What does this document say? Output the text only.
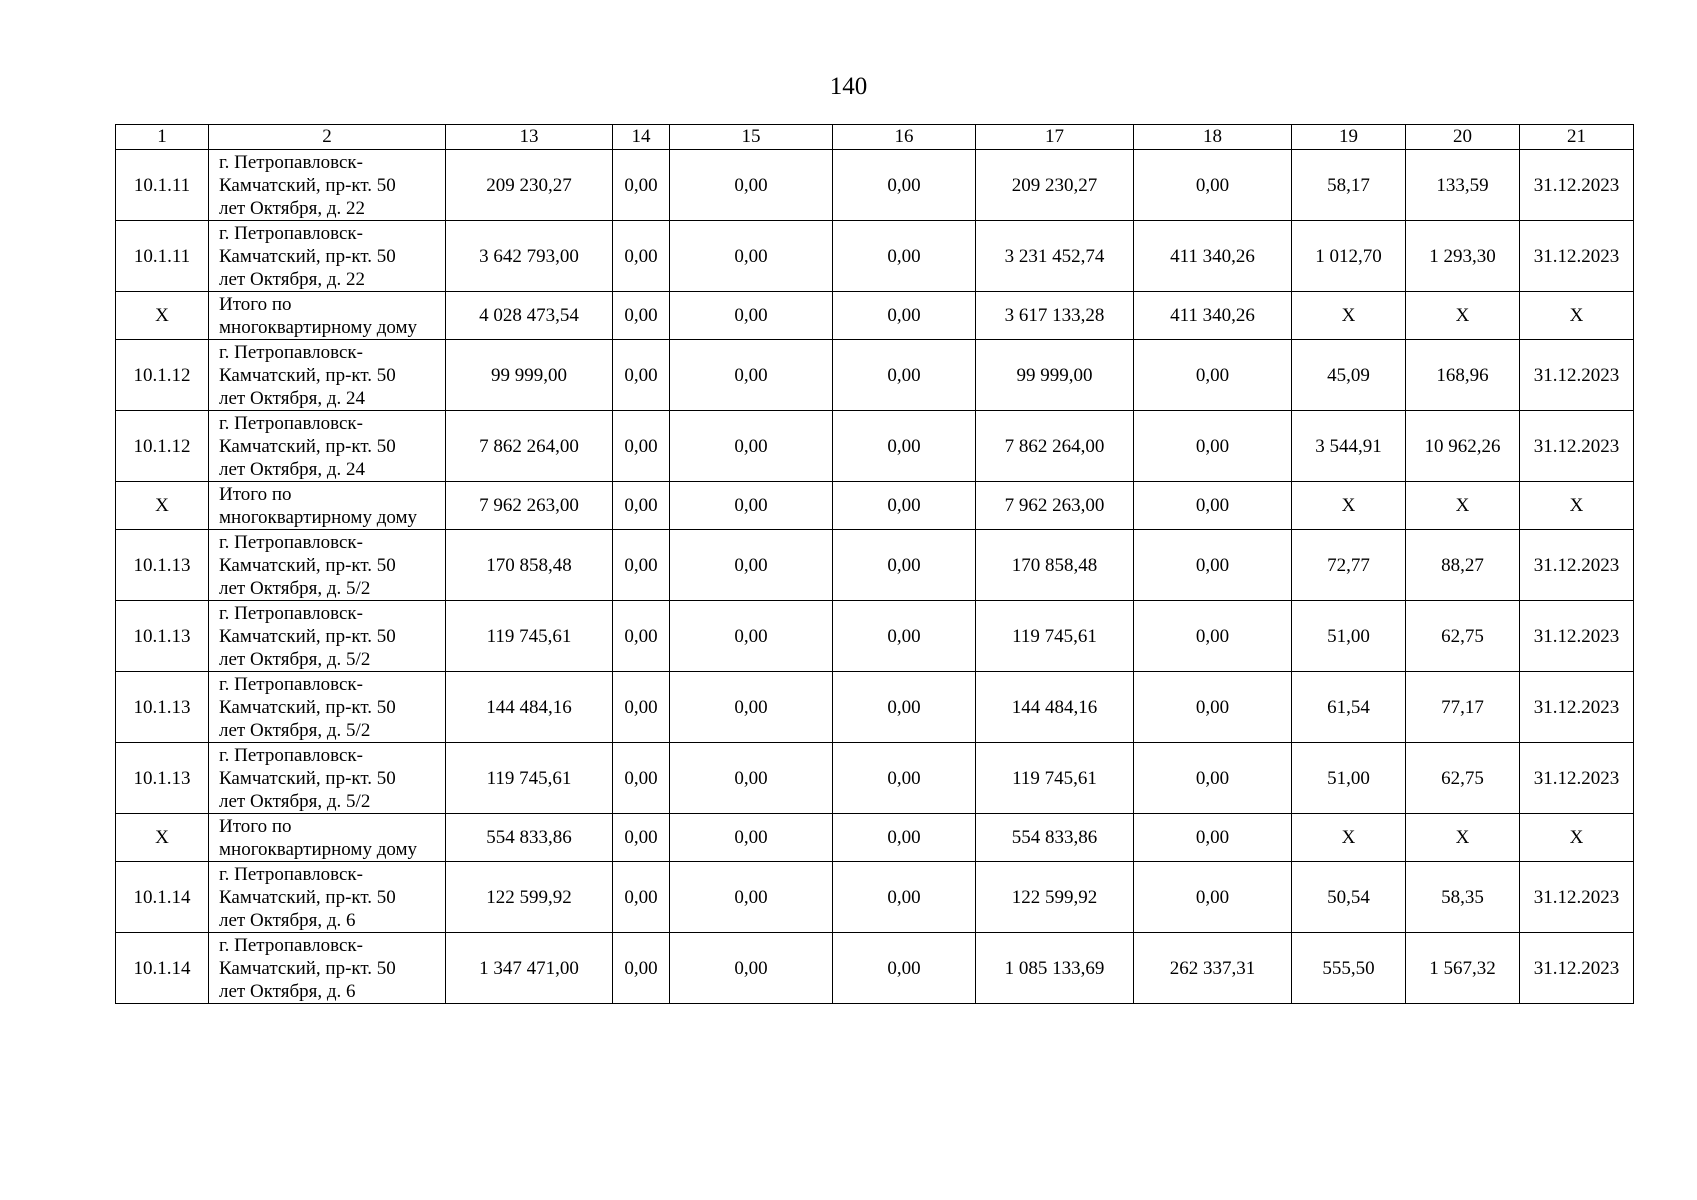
140
1	2	13	14	15	16	17	18	19	20	21
10.1.11	г. Петропавловск-
Камчатский, пр-кт. 50
лет Октября, д. 22	209 230,27	0,00	0,00	0,00	209 230,27	0,00	58,17	133,59	31.12.2023
10.1.11	г. Петропавловск-
Камчатский, пр-кт. 50
лет Октября, д. 22	3 642 793,00	0,00	0,00	0,00	3 231 452,74	411 340,26	1 012,70	1 293,30	31.12.2023
X	Итого по
многоквартирному дому	4 028 473,54	0,00	0,00	0,00	3 617 133,28	411 340,26	X	X	X
10.1.12	г. Петропавловск-
Камчатский, пр-кт. 50
лет Октября, д. 24	99 999,00	0,00	0,00	0,00	99 999,00	0,00	45,09	168,96	31.12.2023
10.1.12	г. Петропавловск-
Камчатский, пр-кт. 50
лет Октября, д. 24	7 862 264,00	0,00	0,00	0,00	7 862 264,00	0,00	3 544,91	10 962,26	31.12.2023
X	Итого по
многоквартирному дому	7 962 263,00	0,00	0,00	0,00	7 962 263,00	0,00	X	X	X
10.1.13	г. Петропавловск-
Камчатский, пр-кт. 50
лет Октября, д. 5/2	170 858,48	0,00	0,00	0,00	170 858,48	0,00	72,77	88,27	31.12.2023
10.1.13	г. Петропавловск-
Камчатский, пр-кт. 50
лет Октября, д. 5/2	119 745,61	0,00	0,00	0,00	119 745,61	0,00	51,00	62,75	31.12.2023
10.1.13	г. Петропавловск-
Камчатский, пр-кт. 50
лет Октября, д. 5/2	144 484,16	0,00	0,00	0,00	144 484,16	0,00	61,54	77,17	31.12.2023
10.1.13	г. Петропавловск-
Камчатский, пр-кт. 50
лет Октября, д. 5/2	119 745,61	0,00	0,00	0,00	119 745,61	0,00	51,00	62,75	31.12.2023
X	Итого по
многоквартирному дому	554 833,86	0,00	0,00	0,00	554 833,86	0,00	X	X	X
10.1.14	г. Петропавловск-
Камчатский, пр-кт. 50
лет Октября, д. 6	122 599,92	0,00	0,00	0,00	122 599,92	0,00	50,54	58,35	31.12.2023
10.1.14	г. Петропавловск-
Камчатский, пр-кт. 50
лет Октября, д. 6	1 347 471,00	0,00	0,00	0,00	1 085 133,69	262 337,31	555,50	1 567,32	31.12.2023
